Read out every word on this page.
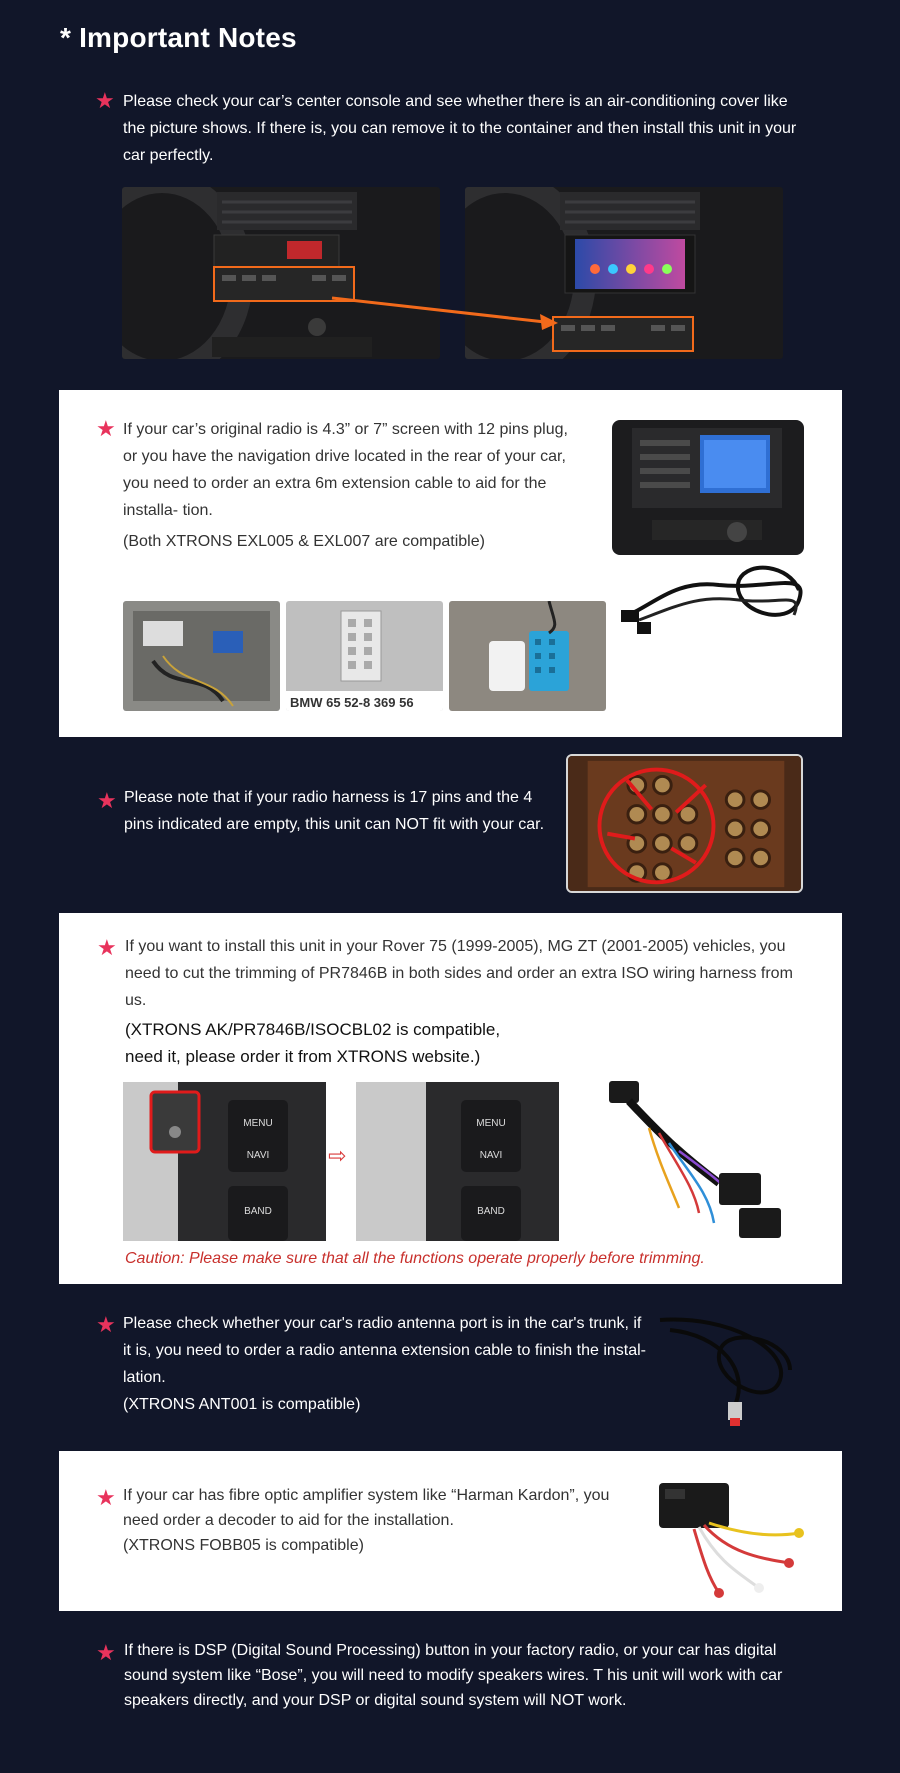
* Important Notes
★ Please check your car’s center console and see whether there is an air-conditioning cover like the picture shows. If there is, you can remove it to the container and then install this unit in your car perfectly.
★ If your car’s original radio is 4.3” or 7” screen with 12 pins plug, or you have the navigation drive located in the rear of your car, you need to order an extra 6m extension cable to aid for the installa- tion.
(Both XTRONS EXL005 & EXL007 are compatible)
BMW 65 52-8 369 56
★ Please note that if your radio harness is 17 pins and the 4 pins indicated are empty, this unit can NOT fit with your car.
★ If you want to install this unit in your Rover 75 (1999-2005), MG ZT (2001-2005) vehicles, you need to cut the trimming of PR7846B in both sides and order an extra ISO wiring harness from us.
(XTRONS AK/PR7846B/ISOCBL02 is compatible, need it, please order it from XTRONS website.)
MENU
NAVI
BAND
⇨
MENU
NAVI
BAND
Caution: Please make sure that all the functions operate properly before trimming.
★ Please check whether your car's radio antenna port is in the car's trunk, if it is, you need to order a radio antenna extension cable to finish the instal- lation.
(XTRONS ANT001 is compatible)
★ If your car has fibre optic amplifier system like “Harman Kardon”, you need order a decoder to aid for the installation.
(XTRONS FOBB05 is compatible)
★ If there is DSP (Digital Sound Processing) button in your factory radio, or your car has digital sound system like “Bose”, you will need to modify speakers wires. T his unit will work with car speakers directly, and your DSP or digital sound system will NOT work.
